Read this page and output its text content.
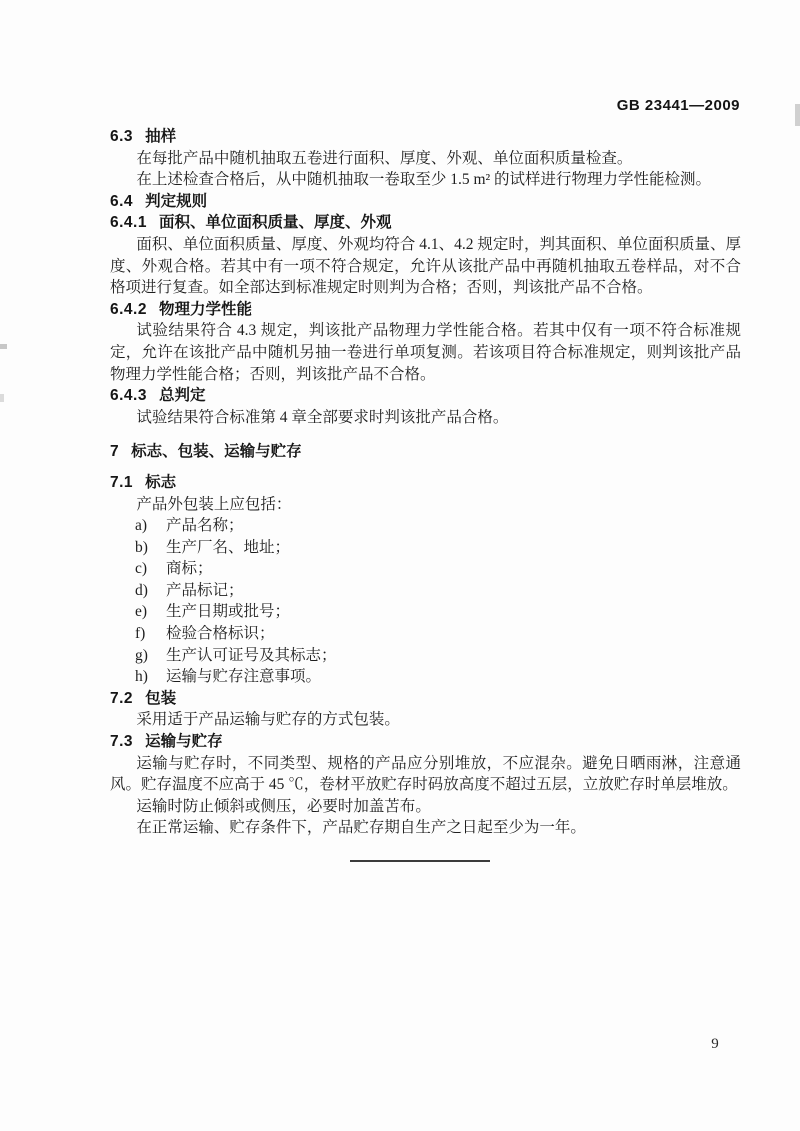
GB 23441—2009
6.3 抽样

在每批产品中随机抽取五卷进行面积、厚度、外观、单位面积质量检查。

在上述检查合格后，从中随机抽取一卷取至少 1.5 m² 的试样进行物理力学性能检测。

6.4 判定规则
6.4.1 面积、单位面积质量、厚度、外观

面积、单位面积质量、厚度、外观均符合 4.1、4.2 规定时，判其面积、单位面积质量、厚度、外观合格。若其中有一项不符合规定，允许从该批产品中再随机抽取五卷样品，对不合格项进行复查。如全部达到标准规定时则判为合格；否则，判该批产品不合格。

6.4.2 物理力学性能

试验结果符合 4.3 规定，判该批产品物理力学性能合格。若其中仅有一项不符合标准规定，允许在该批产品中随机另抽一卷进行单项复测。若该项目符合标准规定，则判该批产品物理力学性能合格；否则，判该批产品不合格。

6.4.3 总判定

试验结果符合标准第 4 章全部要求时判该批产品合格。

7 标志、包装、运输与贮存
7.1 标志

产品外包装上应包括：

a) 产品名称；

b) 生产厂名、地址；

c) 商标；

d) 产品标记；

e) 生产日期或批号；

f) 检验合格标识；

g) 生产认可证号及其标志；

h) 运输与贮存注意事项。

7.2 包装

采用适于产品运输与贮存的方式包装。

7.3 运输与贮存

运输与贮存时，不同类型、规格的产品应分别堆放，不应混杂。避免日晒雨淋，注意通风。贮存温度不应高于 45 ℃，卷材平放贮存时码放高度不超过五层，立放贮存时单层堆放。

运输时防止倾斜或侧压，必要时加盖苫布。

在正常运输、贮存条件下，产品贮存期自生产之日起至少为一年。

9
